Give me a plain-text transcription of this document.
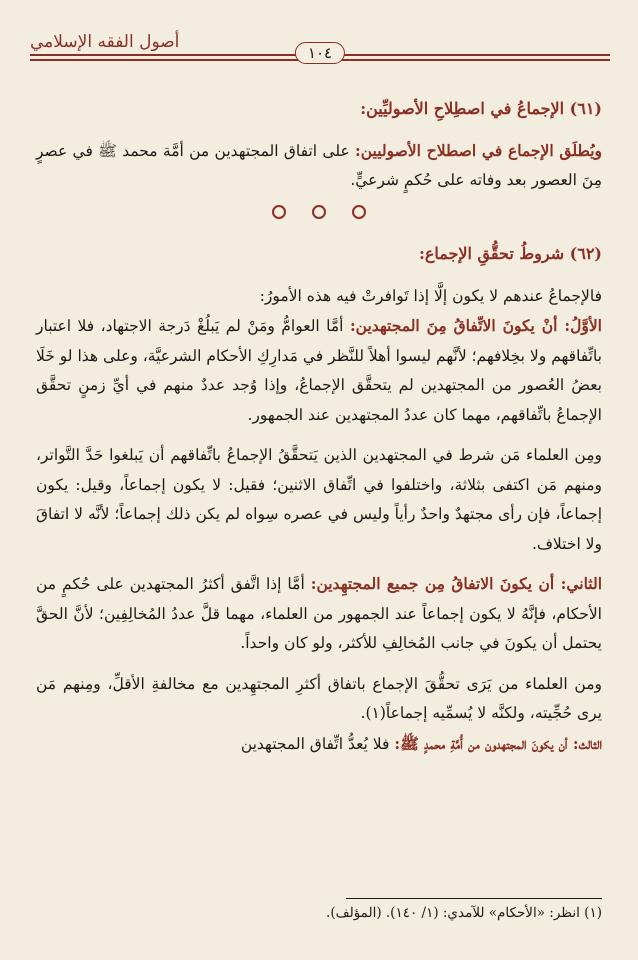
أصول الفقه الإسلامي
١٠٤

(٦١) الإجماعُ في اصطِلاحِ الأصوليِّين:

ويُطلَق الإجماع في اصطلاح الأصوليين: على اتفاق المجتهدين من أمَّة محمد ﷺ في عصرٍ مِنَ العصور بعد وفاته على حُكمٍ شرعيٍّ.

(٦٢) شروطُ تحقُّقِ الإجماع:

فالإجماعُ عندهم لا يكون إلَّا إذا تَوافرتْ فيه هذه الأمورُ:

الأوَّلُ: أنْ يكونَ الاتِّفاقُ مِنَ المجتهدين: أمَّا العوامُّ ومَنْ لم يَبلُغْ دَرجة الاجتهاد، فلا اعتبار باتِّفاقهم ولا بخِلافهم؛ لأنَّهم ليسوا أهلاً للنَّظر في مَدارِكِ الأحكام الشرعيَّة، وعلى هذا لو خَلَا بعضُ العُصور من المجتهدين لم يتحقَّق الإجماعُ، وإذا وُجد عددٌ منهم في أيِّ زمنٍ تحقَّق الإجماعُ باتِّفاقهم، مهما كان عددُ المجتهدين عند الجمهور.

ومِن العلماء مَن شرط في المجتهدين الذين يَتحقَّقُ الإجماعُ باتِّفاقهم أن يَبلغوا حَدَّ التَّواتر، ومنهم مَن اكتفى بثلاثة، واختلفوا في اتِّفاق الاثنين؛ فقيل: لا يكون إجماعاً، وقيل: يكون إجماعاً، فإن رأى مجتهدٌ واحدٌ رأياً وليس في عصره سِواه لم يكن ذلك إجماعاً؛ لأنَّه لا اتفاقَ ولا اختلاف.

الثاني: أن يكونَ الاتفاقُ مِن جميع المجتهِدين: أمَّا إذا اتَّفق أكثرُ المجتهدين على حُكمٍ من الأحكام، فإنَّهُ لا يكون إجماعاً عند الجمهور من العلماء، مهما قلَّ عددُ المُخالِفِين؛ لأنَّ الحقَّ يحتمل أن يكونَ في جانب المُخالِفِ للأكثر، ولو كان واحداً.

ومن العلماء من يَرَى تحقُّقَ الإجماع باتفاق أكثرِ المجتهِدين مع مخالفةِ الأقلِّ، ومِنهم مَن يرى حُجِّيته، ولكنَّه لا يُسمِّيه إجماعاً(١).

الثالث: أن يكونَ المجتهدون من أُمَّةِ محمدٍ ﷺ: فلا يُعدُّ اتِّفاق المجتهدين

(١) انظر: «الأحكام» للآمدي: (١/ ١٤٠). (المؤلف).
